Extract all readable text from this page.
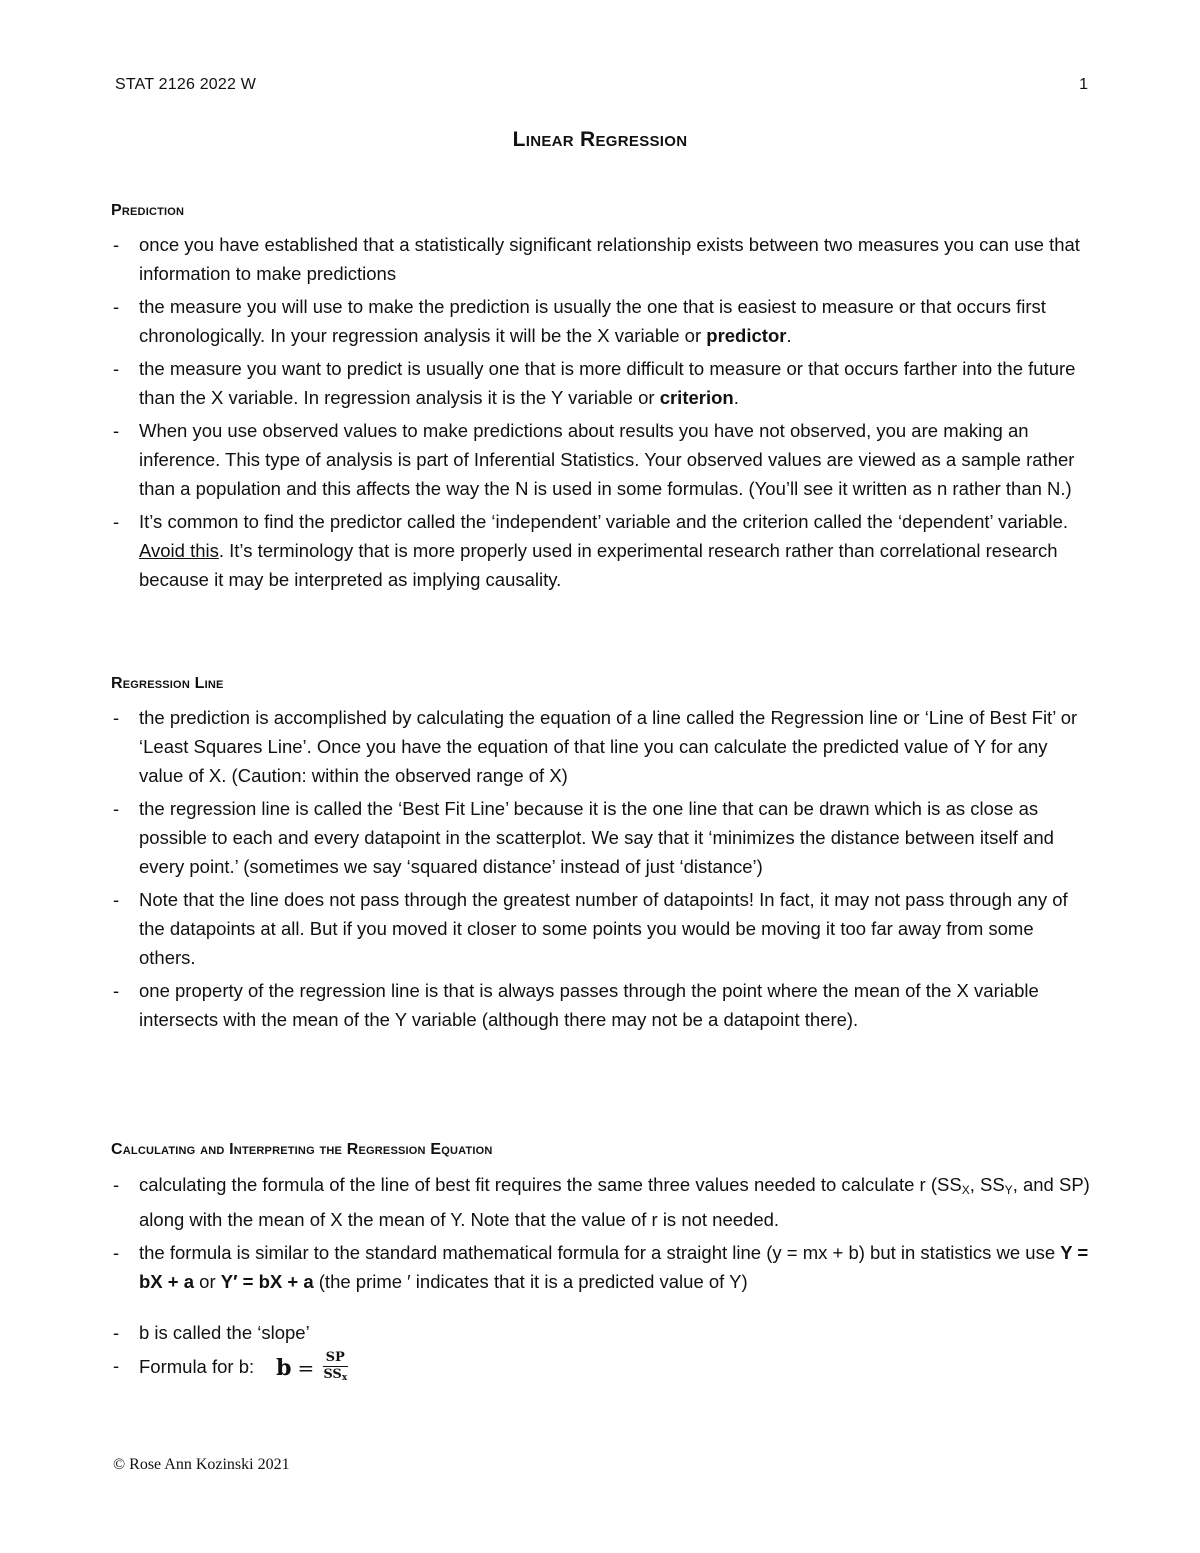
STAT 2126 2022 W	1
Linear Regression
Prediction
- once you have established that a statistically significant relationship exists between two measures you can use that information to make predictions
- the measure you will use to make the prediction is usually the one that is easiest to measure or that occurs first chronologically. In your regression analysis it will be the X variable or predictor.
- the measure you want to predict is usually one that is more difficult to measure or that occurs farther into the future than the X variable. In regression analysis it is the Y variable or criterion.
- When you use observed values to make predictions about results you have not observed, you are making an inference. This type of analysis is part of Inferential Statistics. Your observed values are viewed as a sample rather than a population and this affects the way the N is used in some formulas. (You’ll see it written as n rather than N.)
- It’s common to find the predictor called the ‘independent’ variable and the criterion called the ‘dependent’ variable. Avoid this. It’s terminology that is more properly used in experimental research rather than correlational research because it may be interpreted as implying causality.
Regression Line
- the prediction is accomplished by calculating the equation of a line called the Regression line or ‘Line of Best Fit’ or ‘Least Squares Line’. Once you have the equation of that line you can calculate the predicted value of Y for any value of X. (Caution: within the observed range of X)
- the regression line is called the ‘Best Fit Line’ because it is the one line that can be drawn which is as close as possible to each and every datapoint in the scatterplot. We say that it ‘minimizes the distance between itself and every point.’ (sometimes we say ‘squared distance’ instead of just ‘distance’)
- Note that the line does not pass through the greatest number of datapoints! In fact, it may not pass through any of the datapoints at all. But if you moved it closer to some points you would be moving it too far away from some others.
- one property of the regression line is that is always passes through the point where the mean of the X variable intersects with the mean of the Y variable (although there may not be a datapoint there).
Calculating and Interpreting the Regression Equation
- calculating the formula of the line of best fit requires the same three values needed to calculate r ($SS_X$, $SS_Y$, and SP) along with the mean of X the mean of Y. Note that the value of r is not needed.
- the formula is similar to the standard mathematical formula for a straight line (y = mx + b) but in statistics we use Y = bX + a or Y′ = bX + a (the prime ′ indicates that it is a predicted value of Y)
- b is called the ‘slope’
- Formula for b: $b = \frac{SP}{\text{SSx}}$
© Rose Ann Kozinski 2021
